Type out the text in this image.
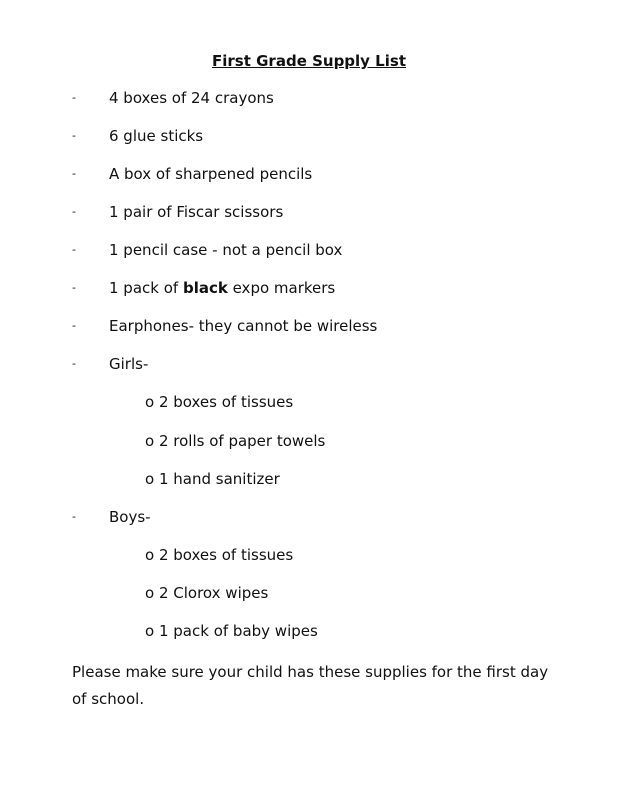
First Grade Supply List
- 4 boxes of 24 crayons
- 6 glue sticks
- A box of sharpened pencils
- 1 pair of Fiscar scissors
- 1 pencil case - not a pencil box
- 1 pack of black expo markers
- Earphones- they cannot be wireless
- Girls-
o 2 boxes of tissues
o 2 rolls of paper towels
o 1 hand sanitizer
- Boys-
o 2 boxes of tissues
o 2 Clorox wipes
o 1 pack of baby wipes
Please make sure your child has these supplies for the first day of school.
